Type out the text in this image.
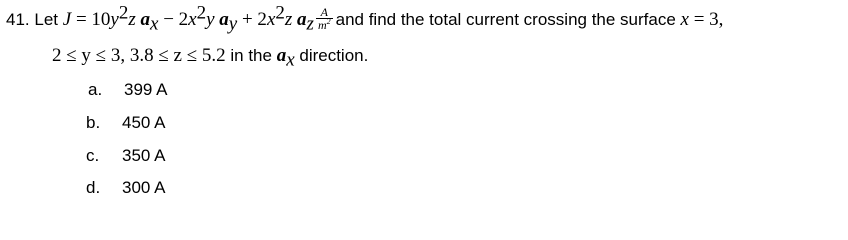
41. Let $J = 10y^2z$ $a_x - 2x^2y$ $a_y + 2x^2z$ $a_z \frac{A}{m^2}$ and find the total current crossing the surface x = 3,
2 ≤ y ≤ 3, 3.8 ≤ z ≤ 5.2 in the $a_x$ direction.
a. 399 A
b. 450 A
c. 350 A
d. 300 A
